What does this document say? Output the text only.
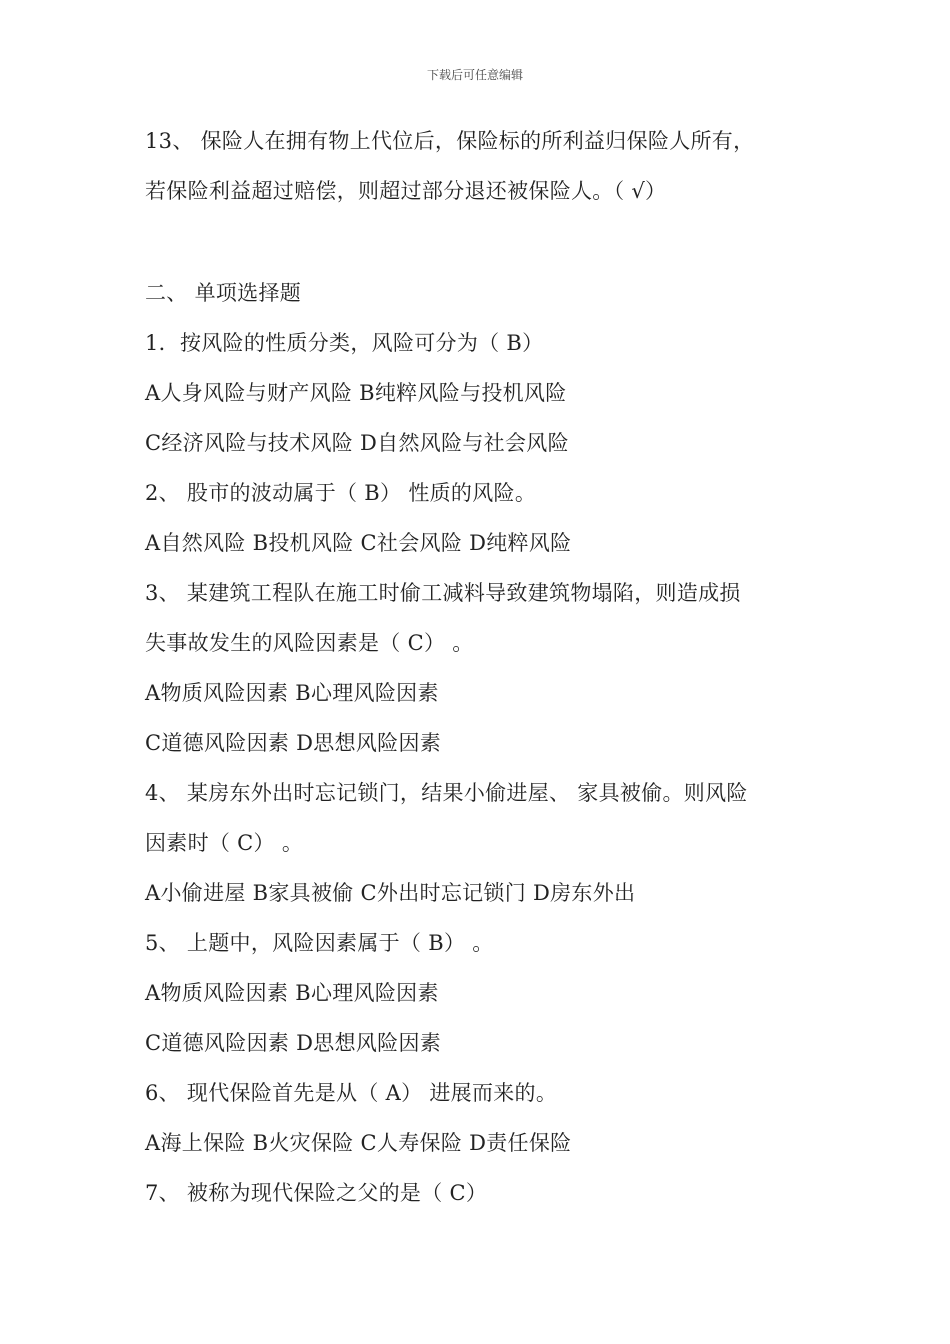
下载后可任意编辑
13、 保险人在拥有物上代位后，保险标的所利益归保险人所有，
若保险利益超过赔偿，则超过部分退还被保险人。（ √）
二、 单项选择题
1．按风险的性质分类，风险可分为（ B）
A人身风险与财产风险 B纯粹风险与投机风险
C经济风险与技术风险 D自然风险与社会风险
2、 股市的波动属于（ B） 性质的风险。
A自然风险 B投机风险 C社会风险 D纯粹风险
3、 某建筑工程队在施工时偷工减料导致建筑物塌陷，则造成损
失事故发生的风险因素是（ C） 。
A物质风险因素 B心理风险因素
C道德风险因素 D思想风险因素
4、 某房东外出时忘记锁门，结果小偷进屋、 家具被偷。则风险
因素时（ C） 。
A小偷进屋 B家具被偷 C外出时忘记锁门 D房东外出
5、 上题中，风险因素属于（ B） 。
A物质风险因素 B心理风险因素
C道德风险因素 D思想风险因素
6、 现代保险首先是从（ A） 进展而来的。
A海上保险 B火灾保险 C人寿保险 D责任保险
7、 被称为现代保险之父的是（ C）
